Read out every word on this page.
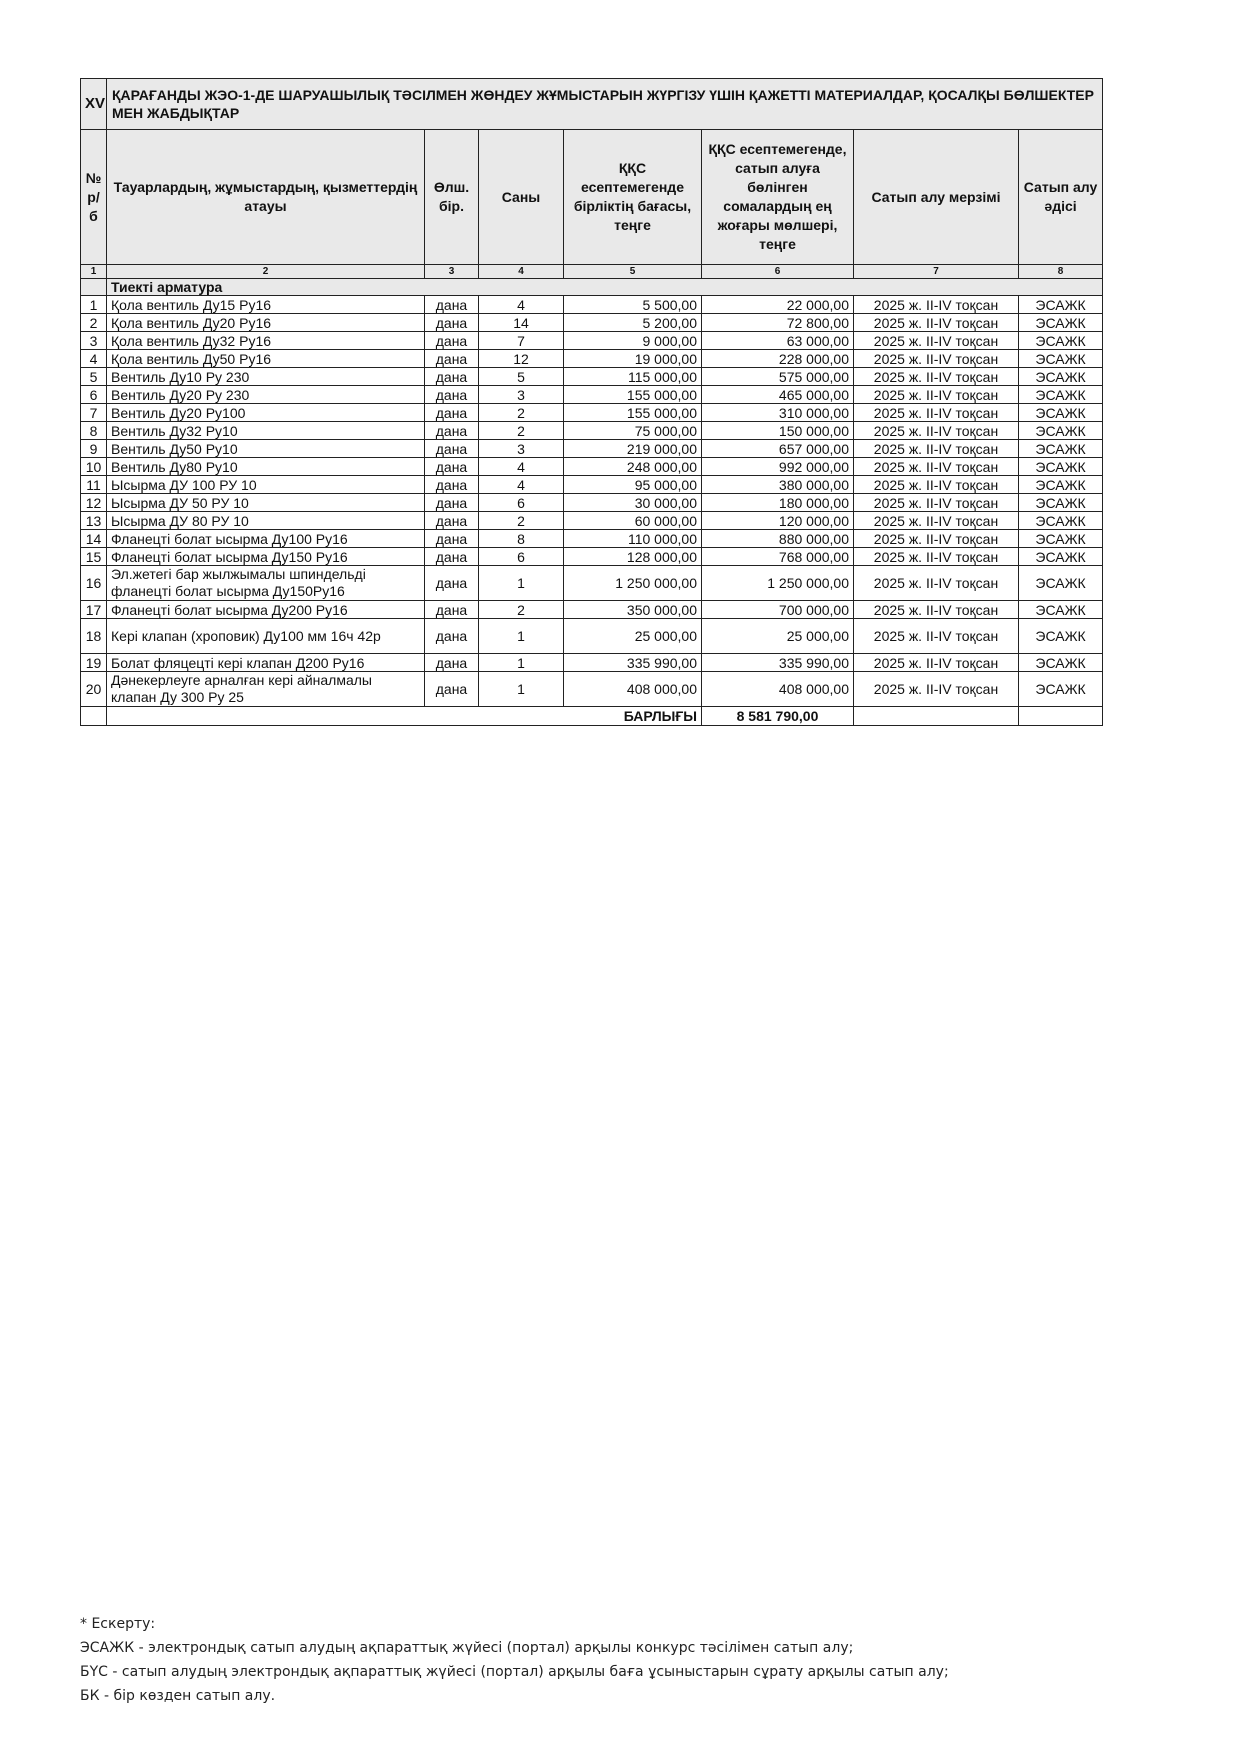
XV	ҚАРАҒАНДЫ ЖЭО-1-ДЕ ШАРУАШЫЛЫҚ ТӘСІЛМЕН ЖӨНДЕУ ЖҰМЫСТАРЫН ЖҮРГІЗУ ҮШІН ҚАЖЕТТІ МАТЕРИАЛДАР, ҚОСАЛҚЫ БӨЛШЕКТЕР МЕН ЖАБДЫҚТАР						
№ р/б	Тауарлардың, жұмыстардың, қызметтердің атауы	Өлш. бір.	Саны	ҚҚС есептемегенде бірліктің бағасы, теңге	ҚҚС есептемегенде, сатып алуға бөлінген сомалардың ең жоғары мөлшері, теңге	Сатып алу мерзімі	Сатып алу әдісі
1	2	3	4	5	6	7	8
	Тиекті арматура						
1	Қола вентиль Ду15 Ру16	дана	4	5 500,00	22 000,00	2025 ж. II-IV тоқсан	ЭСАЖК
2	Қола вентиль Ду20 Ру16	дана	14	5 200,00	72 800,00	2025 ж. II-IV тоқсан	ЭСАЖК
3	Қола вентиль Ду32 Ру16	дана	7	9 000,00	63 000,00	2025 ж. II-IV тоқсан	ЭСАЖК
4	Қола вентиль Ду50 Ру16	дана	12	19 000,00	228 000,00	2025 ж. II-IV тоқсан	ЭСАЖК
5	Вентиль Ду10 Ру 230	дана	5	115 000,00	575 000,00	2025 ж. II-IV тоқсан	ЭСАЖК
6	Вентиль Ду20 Ру 230	дана	3	155 000,00	465 000,00	2025 ж. II-IV тоқсан	ЭСАЖК
7	Вентиль Ду20 Ру100	дана	2	155 000,00	310 000,00	2025 ж. II-IV тоқсан	ЭСАЖК
8	Вентиль Ду32 Ру10	дана	2	75 000,00	150 000,00	2025 ж. II-IV тоқсан	ЭСАЖК
9	Вентиль Ду50 Ру10	дана	3	219 000,00	657 000,00	2025 ж. II-IV тоқсан	ЭСАЖК
10	Вентиль Ду80 Ру10	дана	4	248 000,00	992 000,00	2025 ж. II-IV тоқсан	ЭСАЖК
11	Ысырма ДУ 100 РУ 10	дана	4	95 000,00	380 000,00	2025 ж. II-IV тоқсан	ЭСАЖК
12	Ысырма ДУ 50 РУ 10	дана	6	30 000,00	180 000,00	2025 ж. II-IV тоқсан	ЭСАЖК
13	Ысырма ДУ 80 РУ 10	дана	2	60 000,00	120 000,00	2025 ж. II-IV тоқсан	ЭСАЖК
14	Фланецті болат ысырма Ду100 Ру16	дана	8	110 000,00	880 000,00	2025 ж. II-IV тоқсан	ЭСАЖК
15	Фланецті болат ысырма Ду150 Ру16	дана	6	128 000,00	768 000,00	2025 ж. II-IV тоқсан	ЭСАЖК
16	Эл.жетегі бар жылжымалы шпиндельді фланецті болат ысырма Ду150Ру16	дана	1	1 250 000,00	1 250 000,00	2025 ж. II-IV тоқсан	ЭСАЖК
17	Фланецті болат ысырма Ду200 Ру16	дана	2	350 000,00	700 000,00	2025 ж. II-IV тоқсан	ЭСАЖК
18	Кері клапан (хроповик) Ду100 мм 16ч 42р	дана	1	25 000,00	25 000,00	2025 ж. II-IV тоқсан	ЭСАЖК
19	Болат фляцецті кері клапан Д200 Ру16	дана	1	335 990,00	335 990,00	2025 ж. II-IV тоқсан	ЭСАЖК
20	Дәнекерлеуге арналған кері айналмалы клапан Ду 300 Ру 25	дана	1	408 000,00	408 000,00	2025 ж. II-IV тоқсан	ЭСАЖК
	БАРЛЫҒЫ				8 581 790,00		
* Ескерту:
ЭСАЖК - электрондық сатып алудың ақпараттық жүйесі (портал) арқылы конкурс тәсілімен сатып алу;
БҮС - сатып алудың электрондық ақпараттық жүйесі (портал) арқылы баға ұсыныстарын сұрату арқылы сатып алу;
БК - бір көзден сатып алу.
